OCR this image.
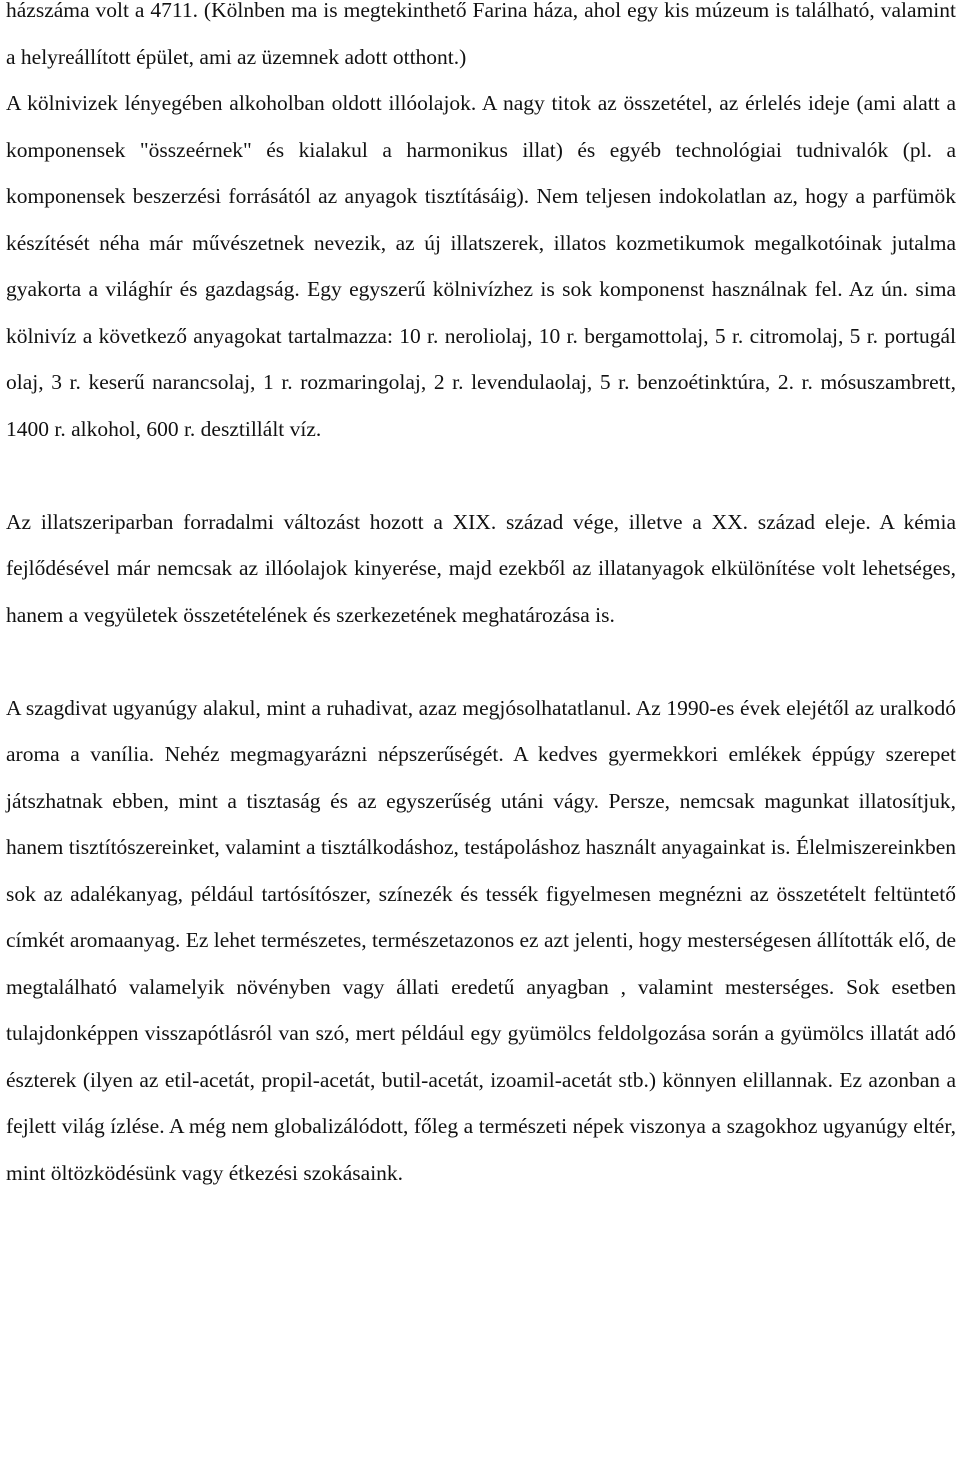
házszáma volt a 4711. (Kölnben ma is megtekinthető Farina háza, ahol egy kis múzeum is található, valamint a helyreállított épület, ami az üzemnek adott otthont.)

A kölnivizek lényegében alkoholban oldott illóolajok. A nagy titok az összetétel, az érlelés ideje (ami alatt a komponensek "összeérnek" és kialakul a harmonikus illat) és egyéb technológiai tudnivalók (pl. a komponensek beszerzési forrásától az anyagok tisztításáig). Nem teljesen indokolatlan az, hogy a parfümök készítését néha már művészetnek nevezik, az új illatszerek, illatos kozmetikumok megalkotóinak jutalma gyakorta a világhír és gazdagság. Egy egyszerű kölnivízhez is sok komponenst használnak fel. Az ún. sima kölnivíz a következő anyagokat tartalmazza: 10 r. neroliolaj, 10 r. bergamottolaj, 5 r. citromolaj, 5 r. portugál olaj, 3 r. keserű narancsolaj, 1 r. rozmaringolaj, 2 r. levendulaolaj, 5 r. benzoétinktúra, 2. r. mósuszambrett, 1400 r. alkohol, 600 r. desztillált víz.

Az illatszeriparban forradalmi változást hozott a XIX. század vége, illetve a XX. század eleje. A kémia fejlődésével már nemcsak az illóolajok kinyerése, majd ezekből az illatanyagok elkülönítése volt lehetséges, hanem a vegyületek összetételének és szerkezetének meghatározása is.

A szagdivat ugyanúgy alakul, mint a ruhadivat, azaz megjósolhatatlanul. Az 1990-es évek elejétől az uralkodó aroma a vanília. Nehéz megmagyarázni népszerűségét. A kedves gyermekkori emlékek éppúgy szerepet játszhatnak ebben, mint a tisztaság és az egyszerűség utáni vágy. Persze, nemcsak magunkat illatosítjuk, hanem tisztítószereinket, valamint a tisztálkodáshoz, testápoláshoz használt anyagainkat is. Élelmiszereinkben sok az adalékanyag, például tartósítószer, színezék és tessék figyelmesen megnézni az összetételt feltüntető címkét aromaanyag. Ez lehet természetes, természetazonos ez azt jelenti, hogy mesterségesen állították elő, de megtalálható valamelyik növényben vagy állati eredetű anyagban , valamint mesterséges. Sok esetben tulajdonképpen visszapótlásról van szó, mert például egy gyümölcs feldolgozása során a gyümölcs illatát adó észterek (ilyen az etil-acetát, propil-acetát, butil-acetát, izoamil-acetát stb.) könnyen elillannak. Ez azonban a fejlett világ ízlése. A még nem globalizálódott, főleg a természeti népek viszonya a szagokhoz ugyanúgy eltér, mint öltözködésünk vagy étkezési szokásaink.
